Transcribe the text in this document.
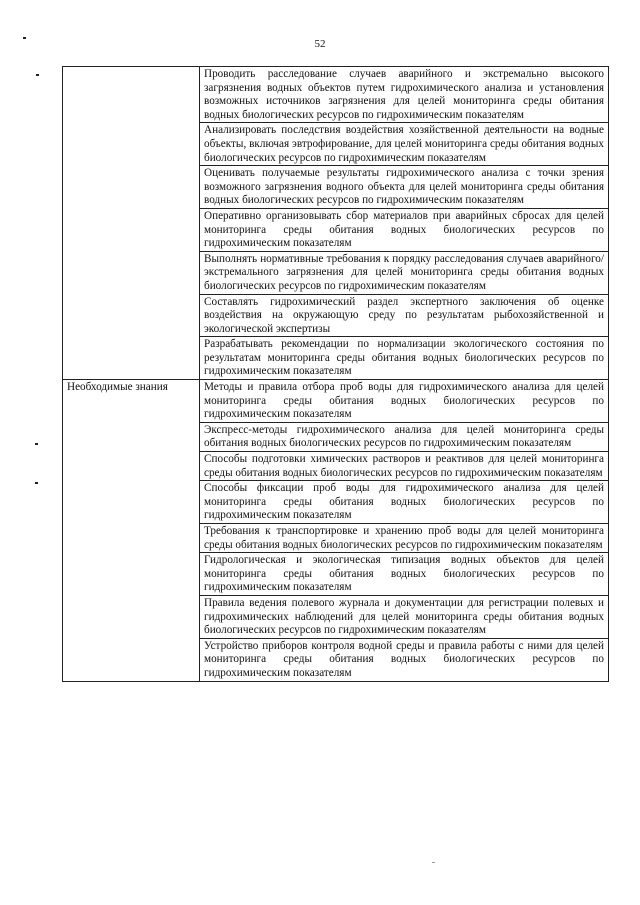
52
	Проводить расследование случаев аварийного и экстремально высокого загрязнения водных объектов путем гидрохимического анализа и установления возможных источников загрязнения для целей мониторинга среды обитания водных биологических ресурсов по гидрохимическим показателям
	Анализировать последствия воздействия хозяйственной деятельности на водные объекты, включая эвтрофирование, для целей мониторинга среды обитания водных биологических ресурсов по гидрохимическим показателям
	Оценивать получаемые результаты гидрохимического анализа с точки зрения возможного загрязнения водного объекта для целей мониторинга среды обитания водных биологических ресурсов по гидрохимическим показателям
	Оперативно организовывать сбор материалов при аварийных сбросах для целей мониторинга среды обитания водных биологических ресурсов по гидрохимическим показателям
	Выполнять нормативные требования к порядку расследования случаев аварийного/экстремального загрязнения для целей мониторинга среды обитания водных биологических ресурсов по гидрохимическим показателям
	Составлять гидрохимический раздел экспертного заключения об оценке воздействия на окружающую среду по результатам рыбохозяйственной и экологической экспертизы
	Разрабатывать рекомендации по нормализации экологического состояния по результатам мониторинга среды обитания водных биологических ресурсов по гидрохимическим показателям
Необходимые знания	Методы и правила отбора проб воды для гидрохимического анализа для целей мониторинга среды обитания водных биологических ресурсов по гидрохимическим показателям
	Экспресс-методы гидрохимического анализа для целей мониторинга среды обитания водных биологических ресурсов по гидрохимическим показателям
	Способы подготовки химических растворов и реактивов для целей мониторинга среды обитания водных биологических ресурсов по гидрохимическим показателям
	Способы фиксации проб воды для гидрохимического анализа для целей мониторинга среды обитания водных биологических ресурсов по гидрохимическим показателям
	Требования к транспортировке и хранению проб воды для целей мониторинга среды обитания водных биологических ресурсов по гидрохимическим показателям
	Гидрологическая и экологическая типизация водных объектов для целей мониторинга среды обитания водных биологических ресурсов по гидрохимическим показателям
	Правила ведения полевого журнала и документации для регистрации полевых и гидрохимических наблюдений для целей мониторинга среды обитания водных биологических ресурсов по гидрохимическим показателям
	Устройство приборов контроля водной среды и правила работы с ними для целей мониторинга среды обитания водных биологических ресурсов по гидрохимическим показателям
